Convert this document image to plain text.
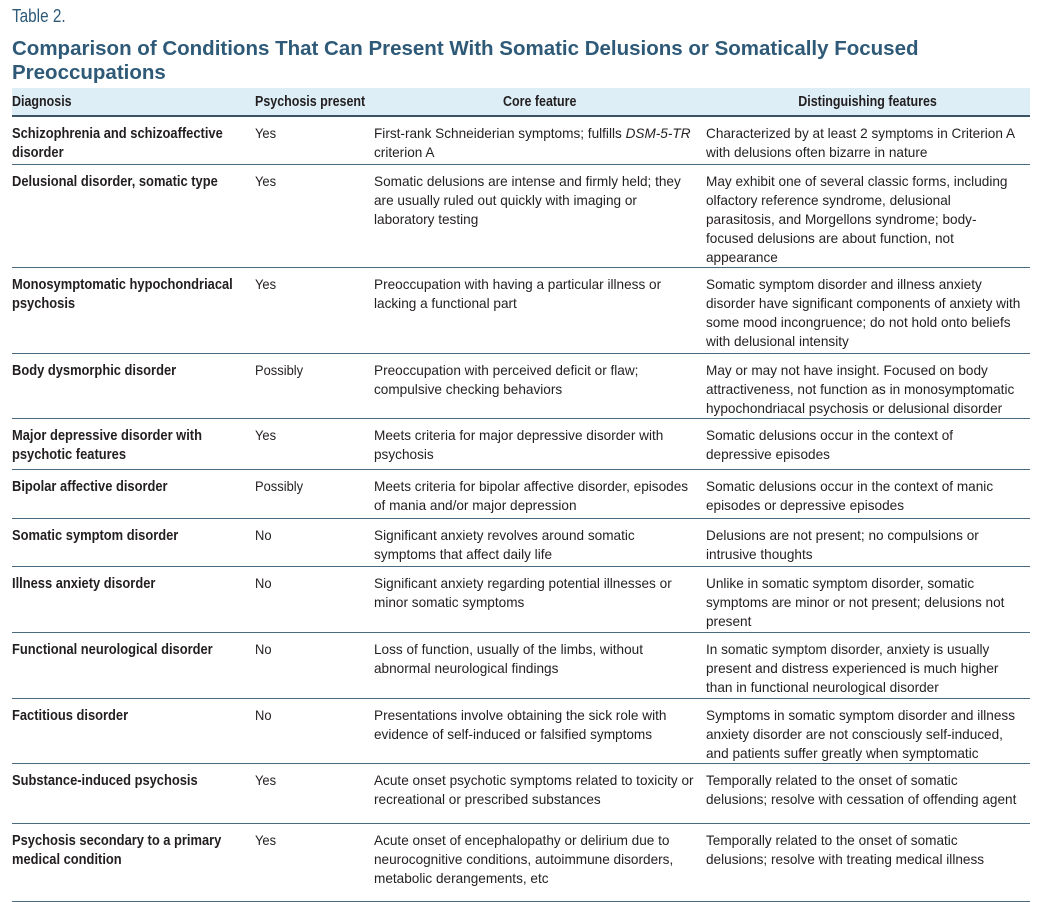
Table 2.
Comparison of Conditions That Can Present With Somatic Delusions or Somatically Focused Preoccupations
Diagnosis	Psychosis present	Core feature	Distinguishing features
Schizophrenia and schizoaffective disorder	Yes	First-rank Schneiderian symptoms; fulfills DSM-5-TR criterion A	Characterized by at least 2 symptoms in Criterion A with delusions often bizarre in nature
Delusional disorder, somatic type	Yes	Somatic delusions are intense and firmly held; they are usually ruled out quickly with imaging or laboratory testing	May exhibit one of several classic forms, including olfactory reference syndrome, delusional parasitosis, and Morgellons syndrome; body-focused delusions are about function, not appearance
Monosymptomatic hypochondriacal psychosis	Yes	Preoccupation with having a particular illness or lacking a functional part	Somatic symptom disorder and illness anxiety disorder have significant components of anxiety with some mood incongruence; do not hold onto beliefs with delusional intensity
Body dysmorphic disorder	Possibly	Preoccupation with perceived deficit or flaw; compulsive checking behaviors	May or may not have insight. Focused on body attractiveness, not function as in monosymptomatic hypochondriacal psychosis or delusional disorder
Major depressive disorder with psychotic features	Yes	Meets criteria for major depressive disorder with psychosis	Somatic delusions occur in the context of depressive episodes
Bipolar affective disorder	Possibly	Meets criteria for bipolar affective disorder, episodes of mania and/or major depression	Somatic delusions occur in the context of manic episodes or depressive episodes
Somatic symptom disorder	No	Significant anxiety revolves around somatic symptoms that affect daily life	Delusions are not present; no compulsions or intrusive thoughts
Illness anxiety disorder	No	Significant anxiety regarding potential illnesses or minor somatic symptoms	Unlike in somatic symptom disorder, somatic symptoms are minor or not present; delusions not present
Functional neurological disorder	No	Loss of function, usually of the limbs, without abnormal neurological findings	In somatic symptom disorder, anxiety is usually present and distress experienced is much higher than in functional neurological disorder
Factitious disorder	No	Presentations involve obtaining the sick role with evidence of self-induced or falsified symptoms	Symptoms in somatic symptom disorder and illness anxiety disorder are not consciously self-induced, and patients suffer greatly when symptomatic
Substance-induced psychosis	Yes	Acute onset psychotic symptoms related to toxicity or recreational or prescribed substances	Temporally related to the onset of somatic delusions; resolve with cessation of offending agent
Psychosis secondary to a primary medical condition	Yes	Acute onset of encephalopathy or delirium due to neurocognitive conditions, autoimmune disorders, metabolic derangements, etc	Temporally related to the onset of somatic delusions; resolve with treating medical illness
